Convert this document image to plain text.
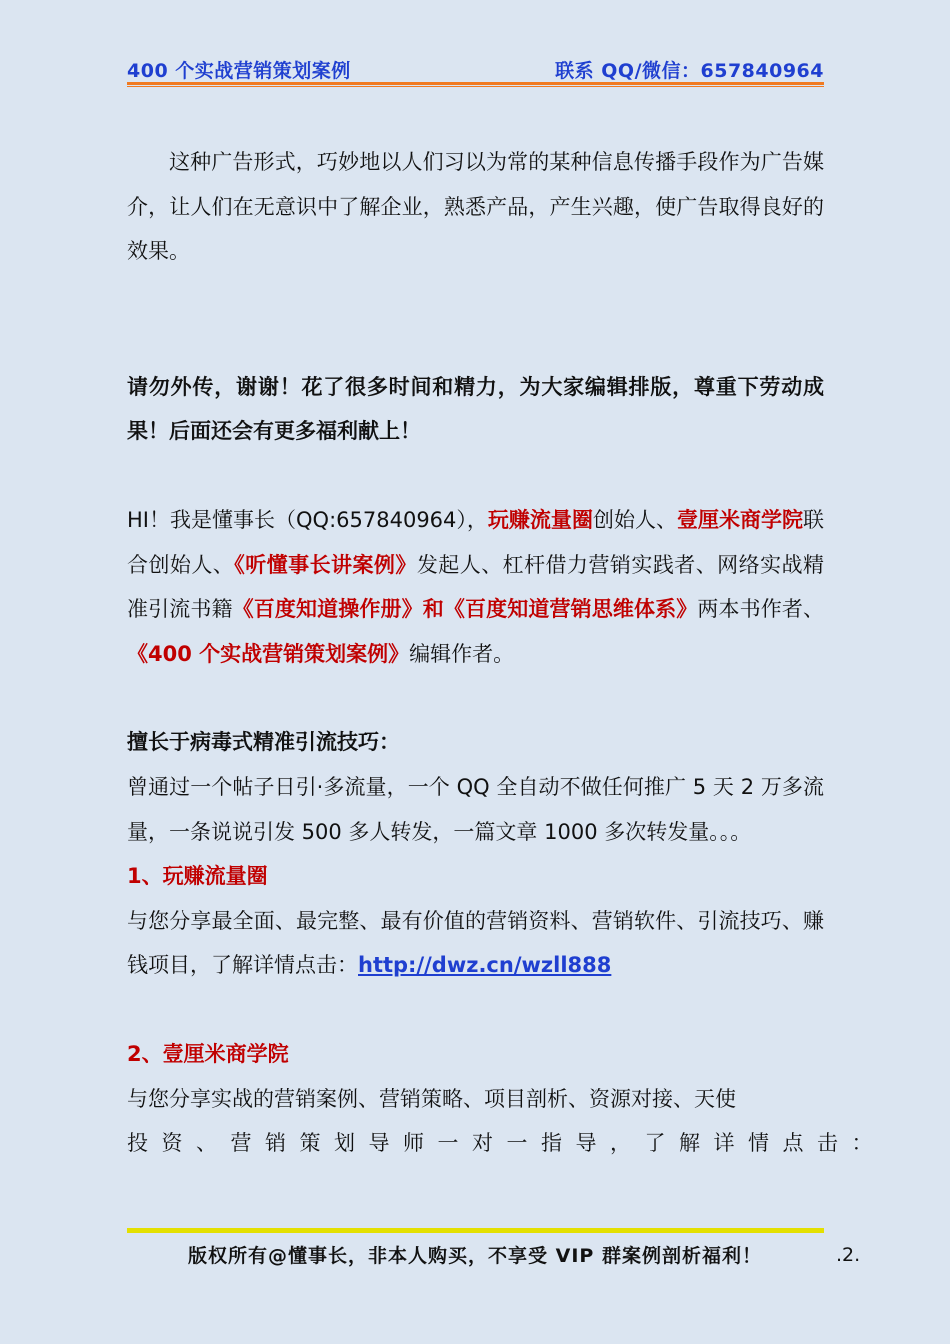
400 个实战营销策划案例	联系 QQ/微信：657840964

这种广告形式，巧妙地以人们习以为常的某种信息传播手段作为广告媒介，让人们在无意识中了解企业，熟悉产品，产生兴趣，使广告取得良好的效果。

请勿外传，谢谢！花了很多时间和精力，为大家编辑排版，尊重下劳动成果！后面还会有更多福利献上！

HI！我是懂事长（QQ:657840964），玩赚流量圈创始人、壹厘米商学院联合创始人、《听懂事长讲案例》发起人、杠杆借力营销实践者、网络实战精准引流书籍《百度知道操作册》和《百度知道营销思维体系》两本书作者、《400 个实战营销策划案例》编辑作者。

擅长于病毒式精准引流技巧：

曾通过一个帖子日引·多流量，一个 QQ 全自动不做任何推广 5 天 2 万多流量，一条说说引发 500 多人转发，一篇文章 1000 多次转发量。。。

1、玩赚流量圈

与您分享最全面、最完整、最有价值的营销资料、营销软件、引流技巧、赚钱项目，了解详情点击：http://dwz.cn/wzll888

2、壹厘米商学院

与您分享实战的营销案例、营销策略、项目剖析、资源对接、天使

投资、营销策划导师一对一指导，了解详情点击：

版权所有@懂事长，非本人购买，不享受 VIP 群案例剖析福利！	.2.
